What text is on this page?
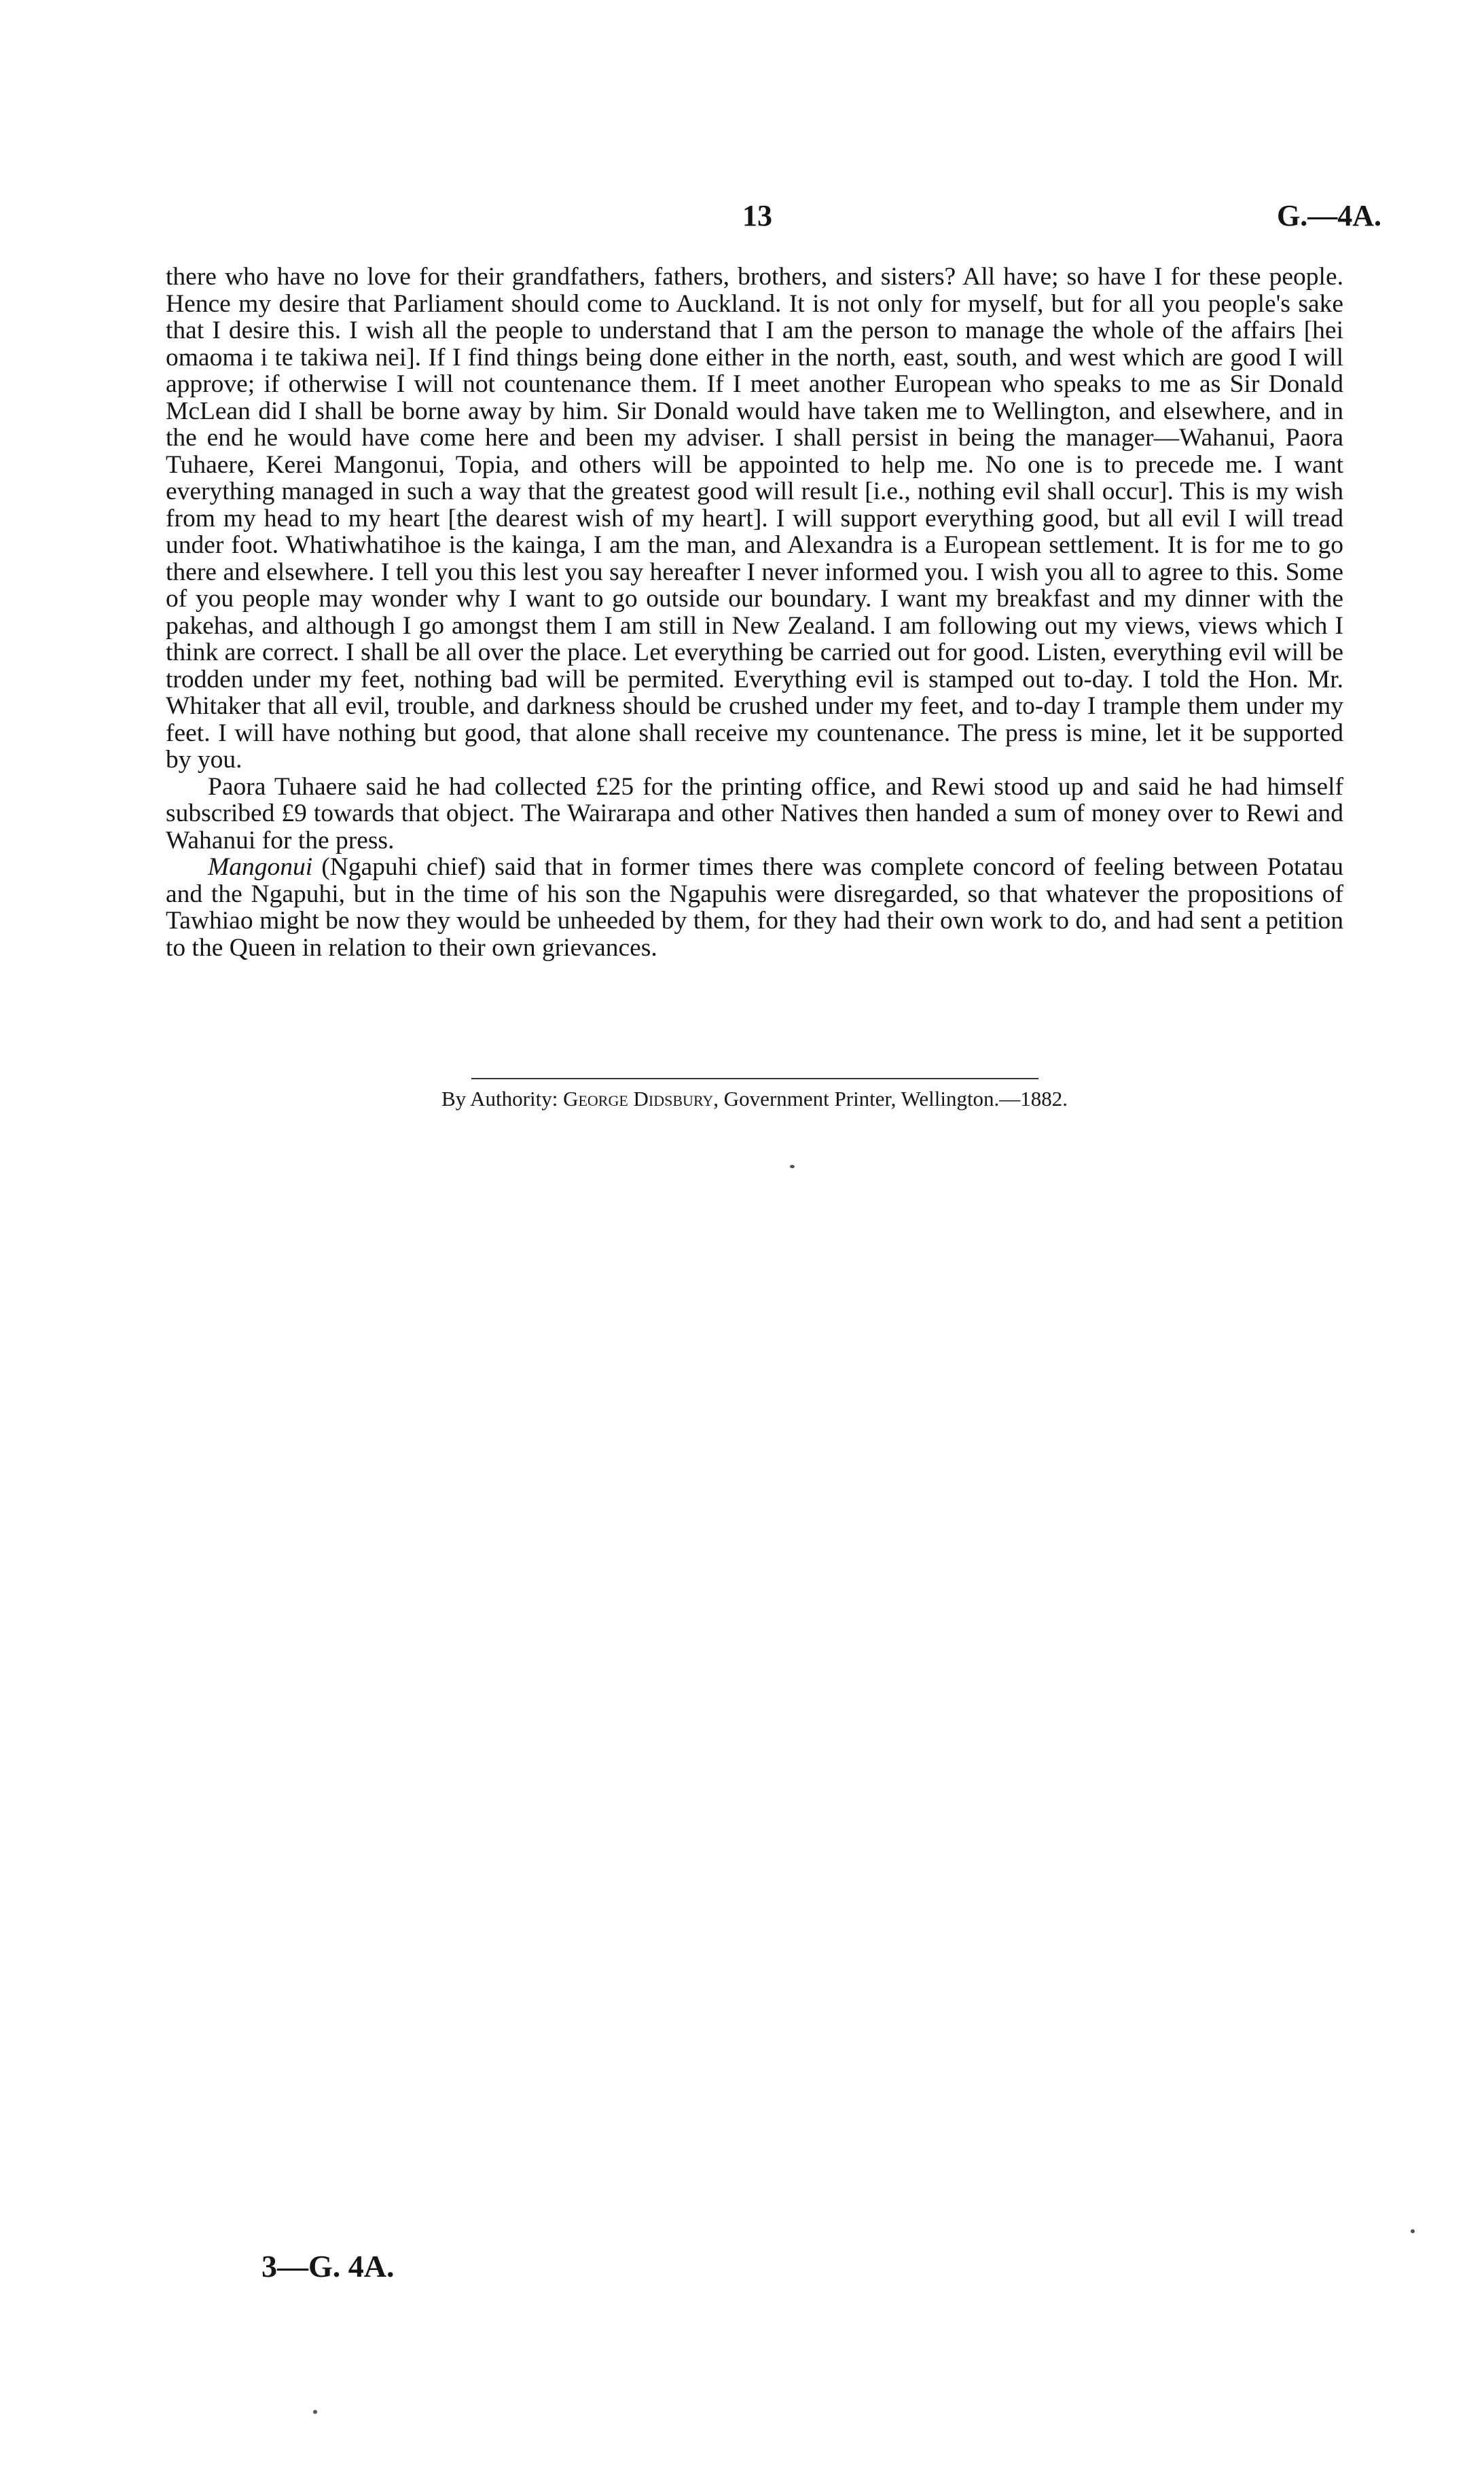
13	G.—4A.

there who have no love for their grandfathers, fathers, brothers, and sisters? All have; so have I for these people. Hence my desire that Parliament should come to Auckland. It is not only for myself, but for all you people's sake that I desire this. I wish all the people to understand that I am the person to manage the whole of the affairs [hei omaoma i te takiwa nei]. If I find things being done either in the north, east, south, and west which are good I will approve; if otherwise I will not countenance them. If I meet another European who speaks to me as Sir Donald McLean did I shall be borne away by him. Sir Donald would have taken me to Wellington, and elsewhere, and in the end he would have come here and been my adviser. I shall persist in being the manager—Wahanui, Paora Tuhaere, Kerei Mangonui, Topia, and others will be appointed to help me. No one is to precede me. I want everything managed in such a way that the greatest good will result [i.e., nothing evil shall occur]. This is my wish from my head to my heart [the dearest wish of my heart]. I will support everything good, but all evil I will tread under foot. Whatiwhatihoe is the kainga, I am the man, and Alexandra is a European settlement. It is for me to go there and elsewhere. I tell you this lest you say hereafter I never informed you. I wish you all to agree to this. Some of you people may wonder why I want to go outside our boundary. I want my breakfast and my dinner with the pakehas, and although I go amongst them I am still in New Zealand. I am following out my views, views which I think are correct. I shall be all over the place. Let everything be carried out for good. Listen, everything evil will be trodden under my feet, nothing bad will be permited. Everything evil is stamped out to-day. I told the Hon. Mr. Whitaker that all evil, trouble, and darkness should be crushed under my feet, and to-day I trample them under my feet. I will have nothing but good, that alone shall receive my countenance. The press is mine, let it be supported by you.

Paora Tuhaere said he had collected £25 for the printing office, and Rewi stood up and said he had himself subscribed £9 towards that object. The Wairarapa and other Natives then handed a sum of money over to Rewi and Wahanui for the press.

Mangonui (Ngapuhi chief) said that in former times there was complete concord of feeling between Potatau and the Ngapuhi, but in the time of his son the Ngapuhis were disregarded, so that whatever the propositions of Tawhiao might be now they would be unheeded by them, for they had their own work to do, and had sent a petition to the Queen in relation to their own grievances.

By Authority: George Didsbury, Government Printer, Wellington.—1882.
3—G. 4A.
